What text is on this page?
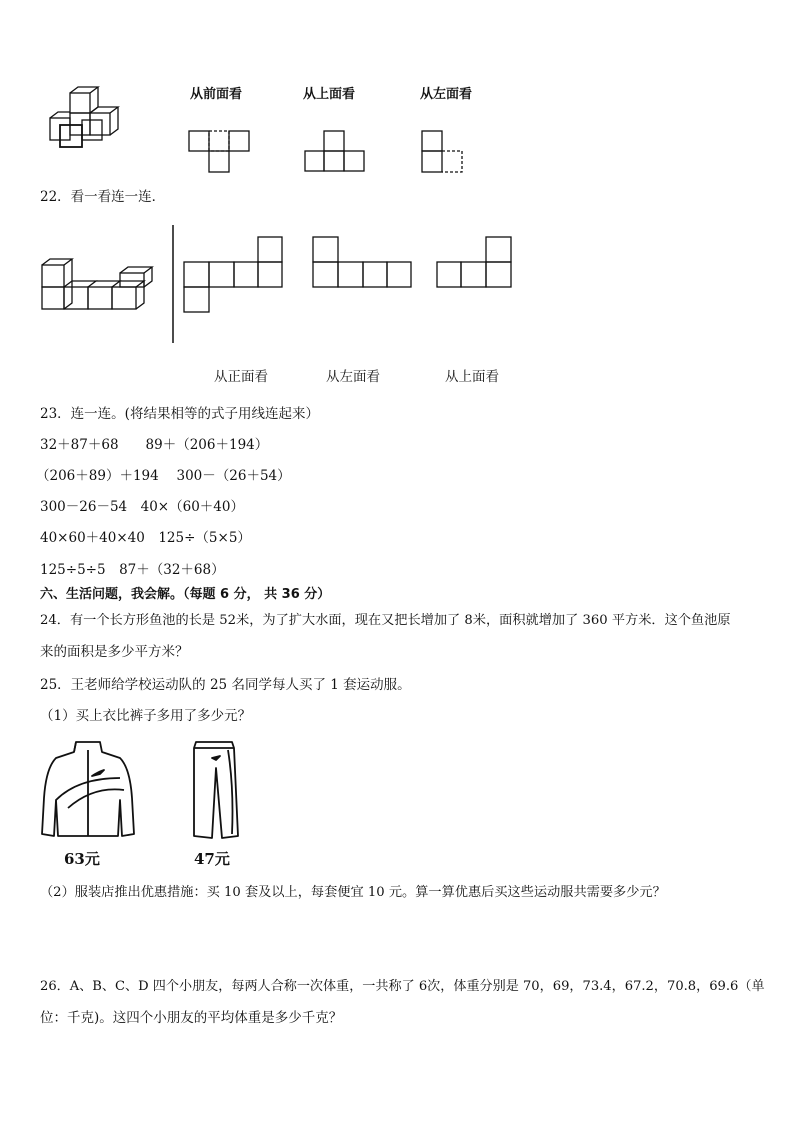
从前面看	从上面看	从左面看
22．看一看连一连．
从正面看	从左面看	从上面看
23．连一连。(将结果相等的式子用线连起来）
32＋87＋68　　89＋（206＋194）
（206＋89）＋194　 300－（26＋54）
300－26－54　40×（60＋40）
40×60＋40×40　125÷（5×5）
125÷5÷5　87＋（32＋68）
六、生活问题，我会解。（每题 6 分， 共 36 分）
24．有一个长方形鱼池的长是 52米，为了扩大水面，现在又把长增加了 8米，面积就增加了 360 平方米．这个鱼池原
来的面积是多少平方米？
25．王老师给学校运动队的 25 名同学每人买了 1 套运动服。
（1）买上衣比裤子多用了多少元？
63元	47元
（2）服装店推出优惠措施：买 10 套及以上，每套便宜 10 元。算一算优惠后买这些运动服共需要多少元？
26．A、B、C、D 四个小朋友，每两人合称一次体重，一共称了 6次，体重分别是 70，69，73.4，67.2，70.8，69.6（单
位：千克)。这四个小朋友的平均体重是多少千克？
